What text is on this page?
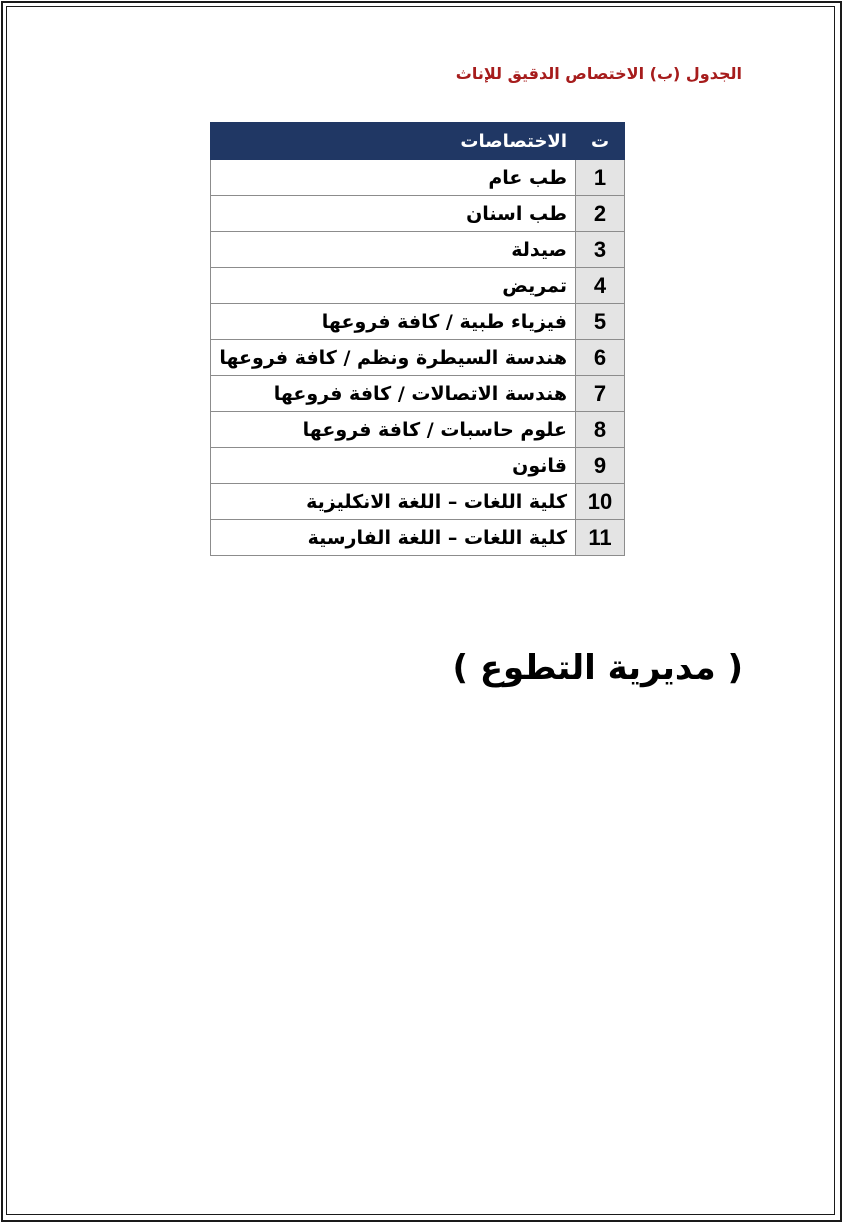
الجدول (ب) الاختصاص الدقيق للإناث
ت	الاختصاصات
1	طب عام
2	طب اسنان
3	صيدلة
4	تمريض
5	فيزياء طبية / كافة فروعها
6	هندسة السيطرة ونظم / كافة فروعها
7	هندسة الاتصالات / كافة فروعها
8	علوم حاسبات / كافة فروعها
9	قانون
10	كلية اللغات – اللغة الانكليزية
11	كلية اللغات – اللغة الفارسية
( مديرية التطوع )
